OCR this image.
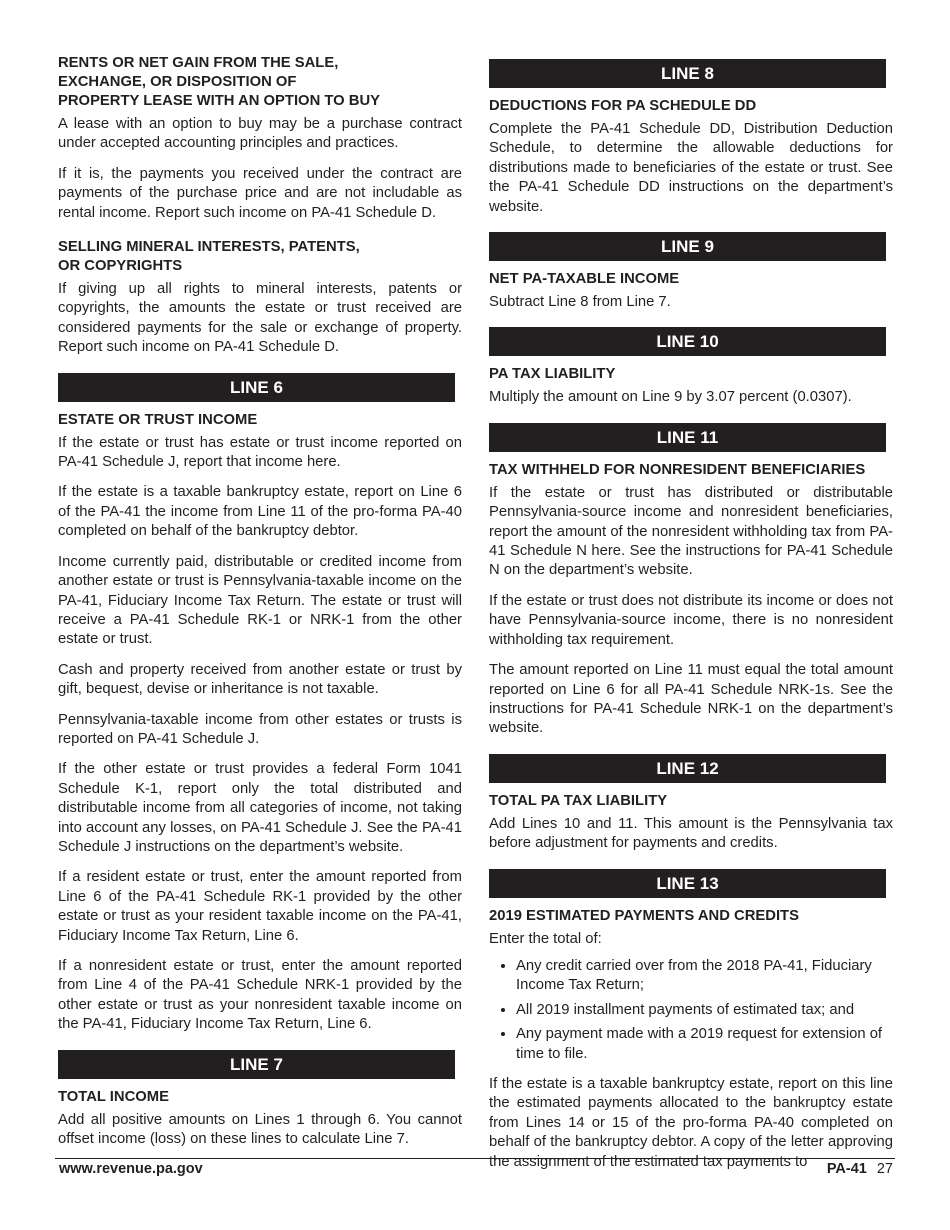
RENTS OR NET GAIN FROM THE SALE,
EXCHANGE, OR DISPOSITION OF
PROPERTY LEASE WITH AN OPTION TO BUY

A lease with an option to buy may be a purchase contract under accepted accounting principles and practices.

If it is, the payments you received under the contract are payments of the purchase price and are not includable as rental income. Report such income on PA-41 Schedule D.

SELLING MINERAL INTERESTS, PATENTS,
OR COPYRIGHTS

If giving up all rights to mineral interests, patents or copyrights, the amounts the estate or trust received are considered payments for the sale or exchange of property. Report such income on PA-41 Schedule D.

LINE 6
ESTATE OR TRUST INCOME

If the estate or trust has estate or trust income reported on PA-41 Schedule J, report that income here.

If the estate is a taxable bankruptcy estate, report on Line 6 of the PA-41 the income from Line 11 of the pro-forma PA-40 completed on behalf of the bankruptcy debtor.

Income currently paid, distributable or credited income from another estate or trust is Pennsylvania-taxable income on the PA-41, Fiduciary Income Tax Return. The estate or trust will receive a PA-41 Schedule RK-1 or NRK-1 from the other estate or trust.

Cash and property received from another estate or trust by gift, bequest, devise or inheritance is not taxable.

Pennsylvania-taxable income from other estates or trusts is reported on PA-41 Schedule J.

If the other estate or trust provides a federal Form 1041 Schedule K-1, report only the total distributed and distributable income from all categories of income, not taking into account any losses, on PA-41 Schedule J. See the PA-41 Schedule J instructions on the department’s website.

If a resident estate or trust, enter the amount reported from Line 6 of the PA-41 Schedule RK-1 provided by the other estate or trust as your resident taxable income on the PA-41, Fiduciary Income Tax Return, Line 6.

If a nonresident estate or trust, enter the amount reported from Line 4 of the PA-41 Schedule NRK-1 provided by the other estate or trust as your nonresident taxable income on the PA-41, Fiduciary Income Tax Return, Line 6.

LINE 7
TOTAL INCOME

Add all positive amounts on Lines 1 through 6. You cannot offset income (loss) on these lines to calculate Line 7.

LINE 8
DEDUCTIONS FOR PA SCHEDULE DD

Complete the PA-41 Schedule DD, Distribution Deduction Schedule, to determine the allowable deductions for distributions made to beneficiaries of the estate or trust. See the PA-41 Schedule DD instructions on the department’s website.

LINE 9
NET PA-TAXABLE INCOME

Subtract Line 8 from Line 7.

LINE 10
PA TAX LIABILITY

Multiply the amount on Line 9 by 3.07 percent (0.0307).

LINE 11
TAX WITHHELD FOR NONRESIDENT BENEFICIARIES

If the estate or trust has distributed or distributable Pennsylvania-source income and nonresident beneficiaries, report the amount of the nonresident withholding tax from PA-41 Schedule N here. See the instructions for PA-41 Schedule N on the department’s website.

If the estate or trust does not distribute its income or does not have Pennsylvania-source income, there is no nonresident withholding tax requirement.

The amount reported on Line 11 must equal the total amount reported on Line 6 for all PA-41 Schedule NRK-1s. See the instructions for PA-41 Schedule NRK-1 on the department’s website.

LINE 12
TOTAL PA TAX LIABILITY

Add Lines 10 and 11. This amount is the Pennsylvania tax before adjustment for payments and credits.

LINE 13
2019 ESTIMATED PAYMENTS AND CREDITS

Enter the total of:

• Any credit carried over from the 2018 PA-41, Fiduciary Income Tax Return;
• All 2019 installment payments of estimated tax; and
• Any payment made with a 2019 request for extension of time to file.

If the estate is a taxable bankruptcy estate, report on this line the estimated payments allocated to the bankruptcy estate from Lines 14 or 15 of the pro-forma PA-40 completed on behalf of the bankruptcy debtor. A copy of the letter approving the assignment of the estimated tax payments to

www.revenue.pa.gov	PA-41 27
